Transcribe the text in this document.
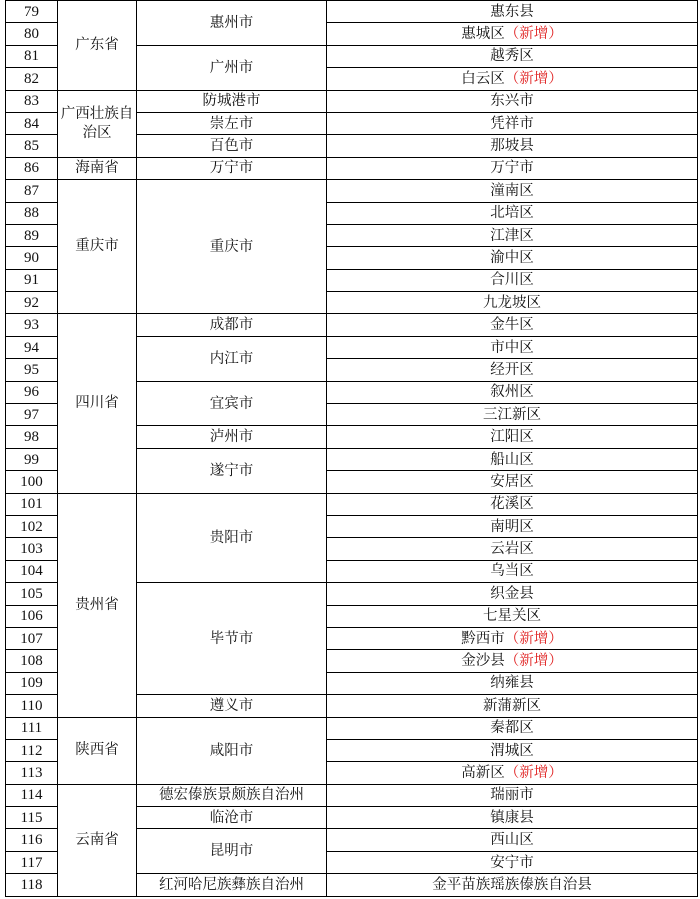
79	广东省	惠州市	惠东县
80			惠城区（新增）
81		广州市	越秀区
82			白云区（新增）
83	广西壮族自治区	防城港市	东兴市
84		崇左市	凭祥市
85		百色市	那坡县
86	海南省	万宁市	万宁市
87	重庆市	重庆市	潼南区
88			北培区
89			江津区
90			渝中区
91			合川区
92			九龙坡区
93	四川省	成都市	金牛区
94		内江市	市中区
95			经开区
96		宜宾市	叙州区
97			三江新区
98		泸州市	江阳区
99		遂宁市	船山区
100			安居区
101	贵州省	贵阳市	花溪区
102			南明区
103			云岩区
104			乌当区
105		毕节市	织金县
106			七星关区
107			黔西市（新增）
108			金沙县（新增）
109			纳雍县
110		遵义市	新蒲新区
111	陕西省	咸阳市	秦都区
112			渭城区
113			高新区（新增）
114	云南省	德宏傣族景颇族自治州	瑞丽市
115		临沧市	镇康县
116		昆明市	西山区
117			安宁市
118		红河哈尼族彝族自治州	金平苗族瑶族傣族自治县
